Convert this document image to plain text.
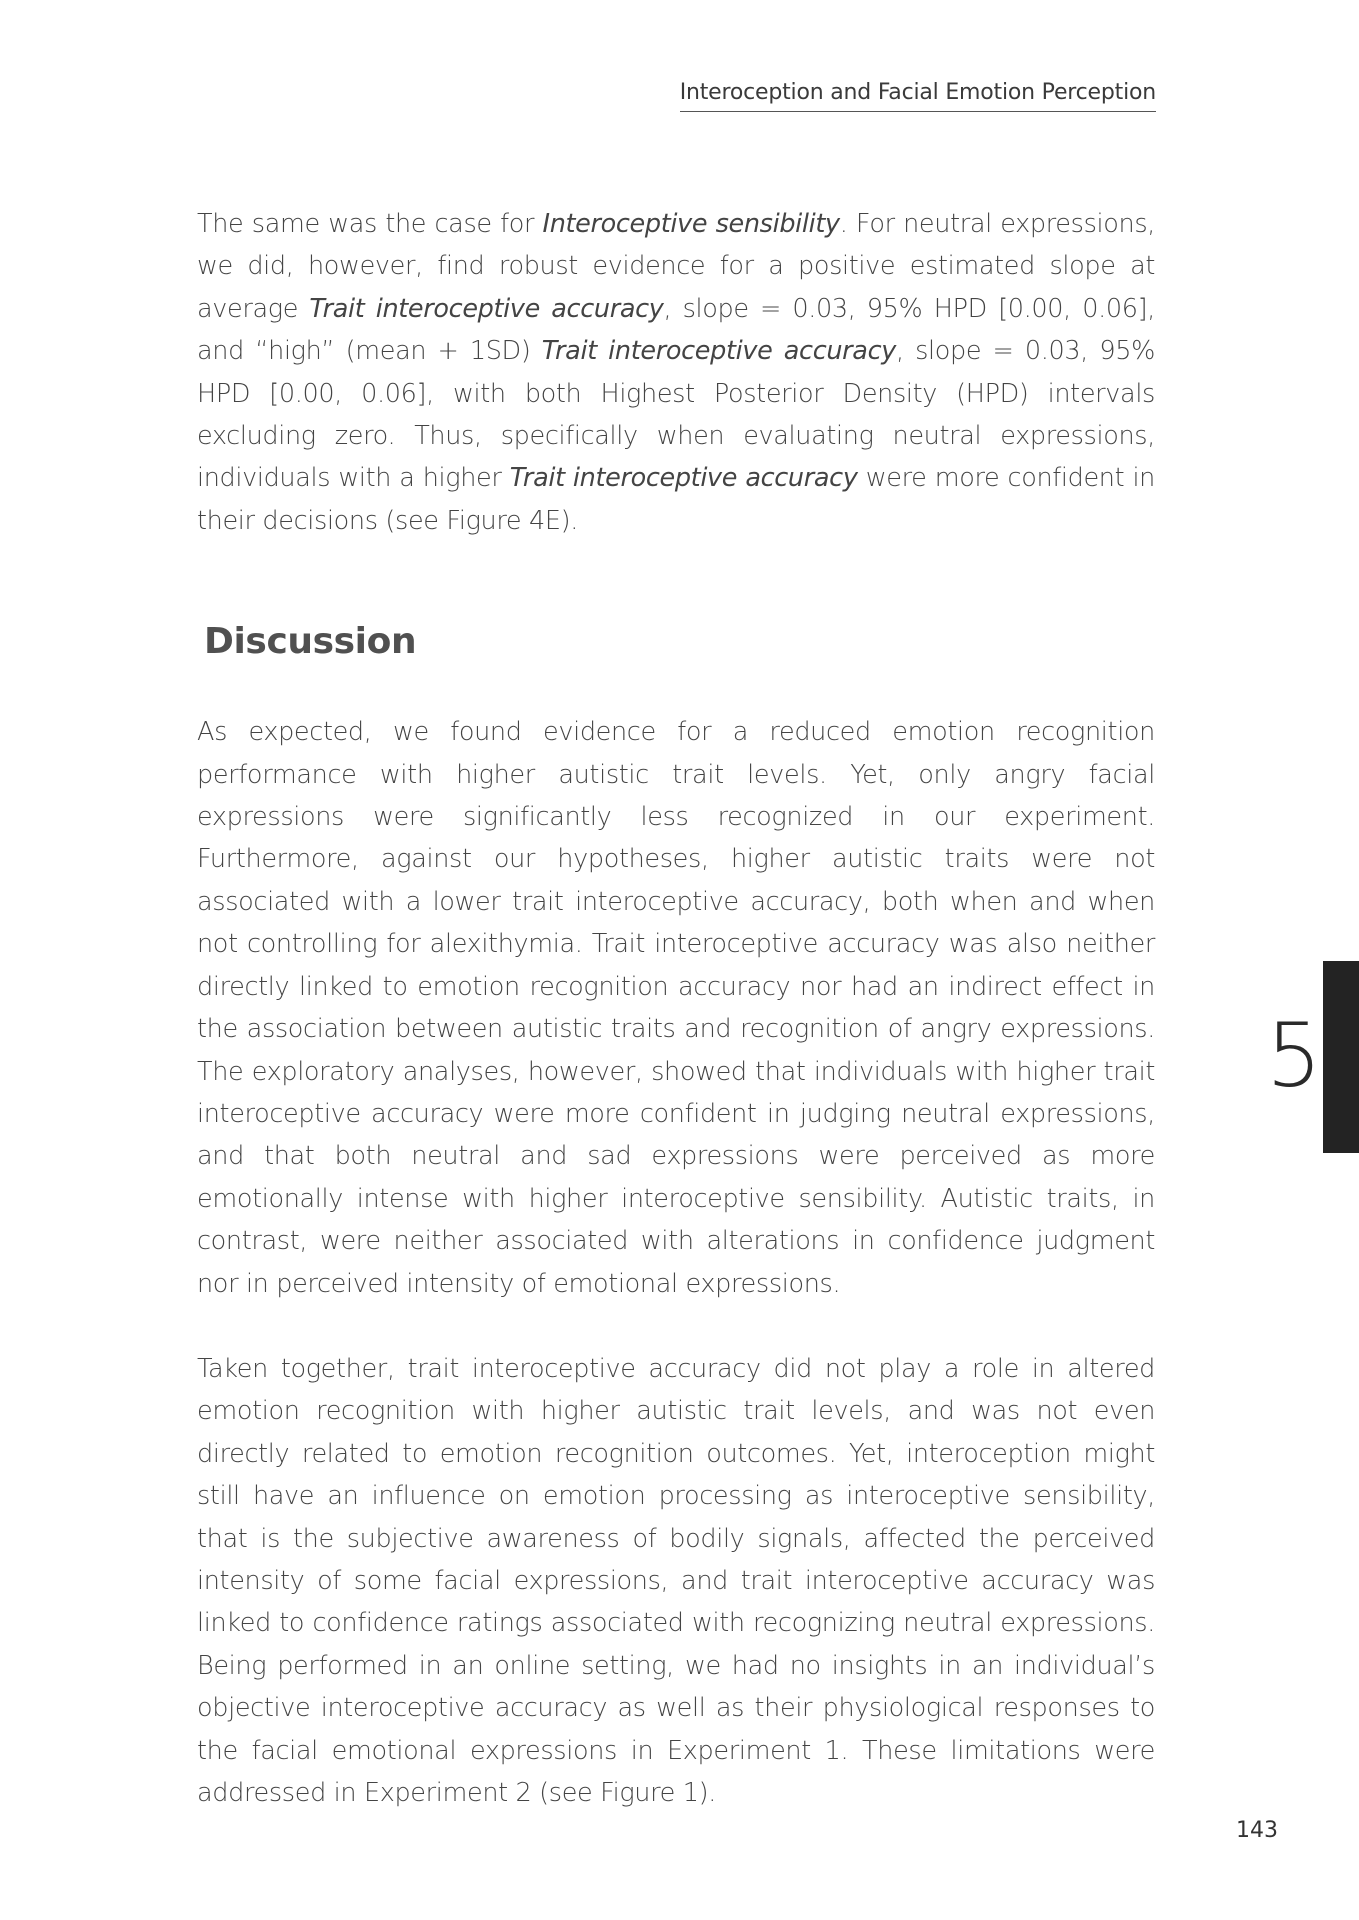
Interoception and Facial Emotion Perception

The same was the case for Interoceptive sensibility. For neutral expressions, we did, however, find robust evidence for a positive estimated slope at average Trait interoceptive accuracy, slope = 0.03, 95% HPD [0.00, 0.06], and “high” (mean + 1SD) Trait interoceptive accuracy, slope = 0.03, 95% HPD [0.00, 0.06], with both Highest Posterior Density (HPD) intervals excluding zero. Thus, specifically when evaluating neutral expressions, individuals with a higher Trait interoceptive accuracy were more confident in their decisions (see Figure 4E).

Discussion

As expected, we found evidence for a reduced emotion recognition performance with higher autistic trait levels. Yet, only angry facial expressions were significantly less recognized in our experiment. Furthermore, against our hypotheses, higher autistic traits were not associated with a lower trait interoceptive accuracy, both when and when not controlling for alexithymia. Trait interoceptive accuracy was also neither directly linked to emotion recognition accuracy nor had an indirect effect in the association between autistic traits and recognition of angry expressions. The exploratory analyses, however, showed that individuals with higher trait interoceptive accuracy were more confident in judging neutral expressions, and that both neutral and sad expressions were perceived as more emotionally intense with higher interoceptive sensibility. Autistic traits, in contrast, were neither associated with alterations in confidence judgment nor in perceived intensity of emotional expressions.

Taken together, trait interoceptive accuracy did not play a role in altered emotion recognition with higher autistic trait levels, and was not even directly related to emotion recognition outcomes. Yet, interoception might still have an influence on emotion processing as interoceptive sensibility, that is the subjective awareness of bodily signals, affected the perceived intensity of some facial expressions, and trait interoceptive accuracy was linked to confidence ratings associated with recognizing neutral expressions. Being performed in an online setting, we had no insights in an individual’s objective interoceptive accuracy as well as their physiological responses to the facial emotional expressions in Experiment 1. These limitations were addressed in Experiment 2 (see Figure 1).

5
143
